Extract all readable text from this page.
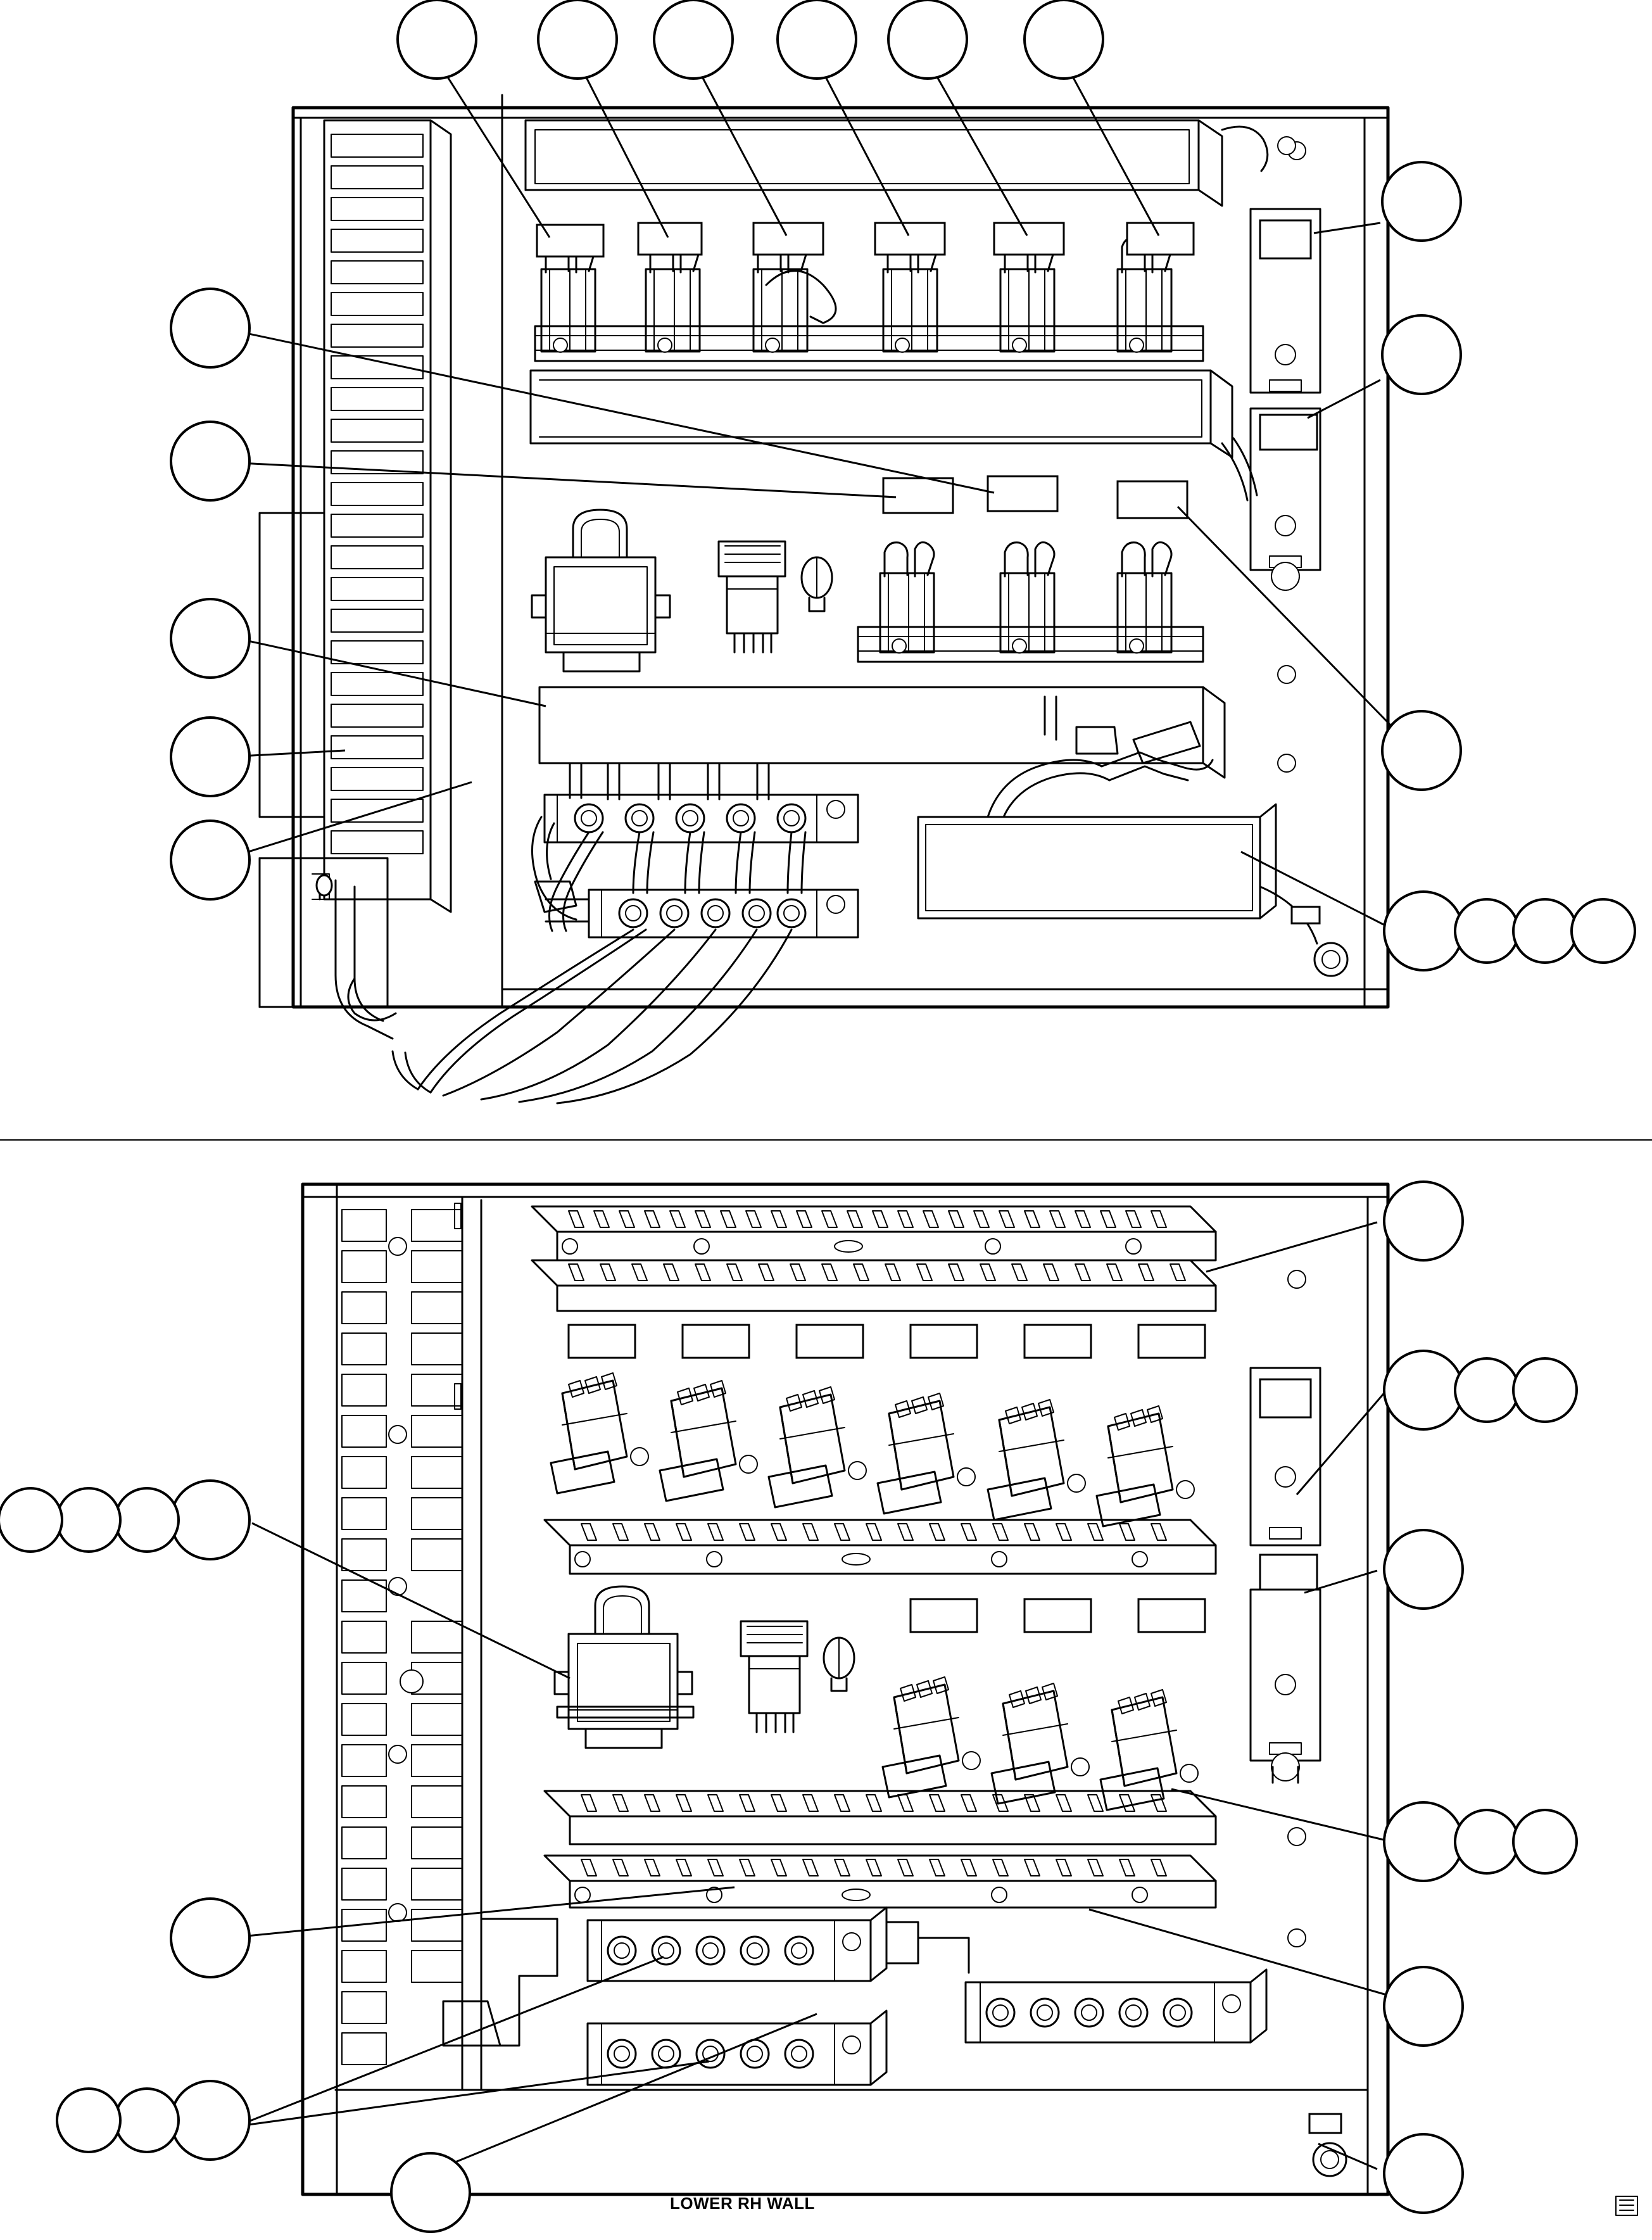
LOWER RH WALL
